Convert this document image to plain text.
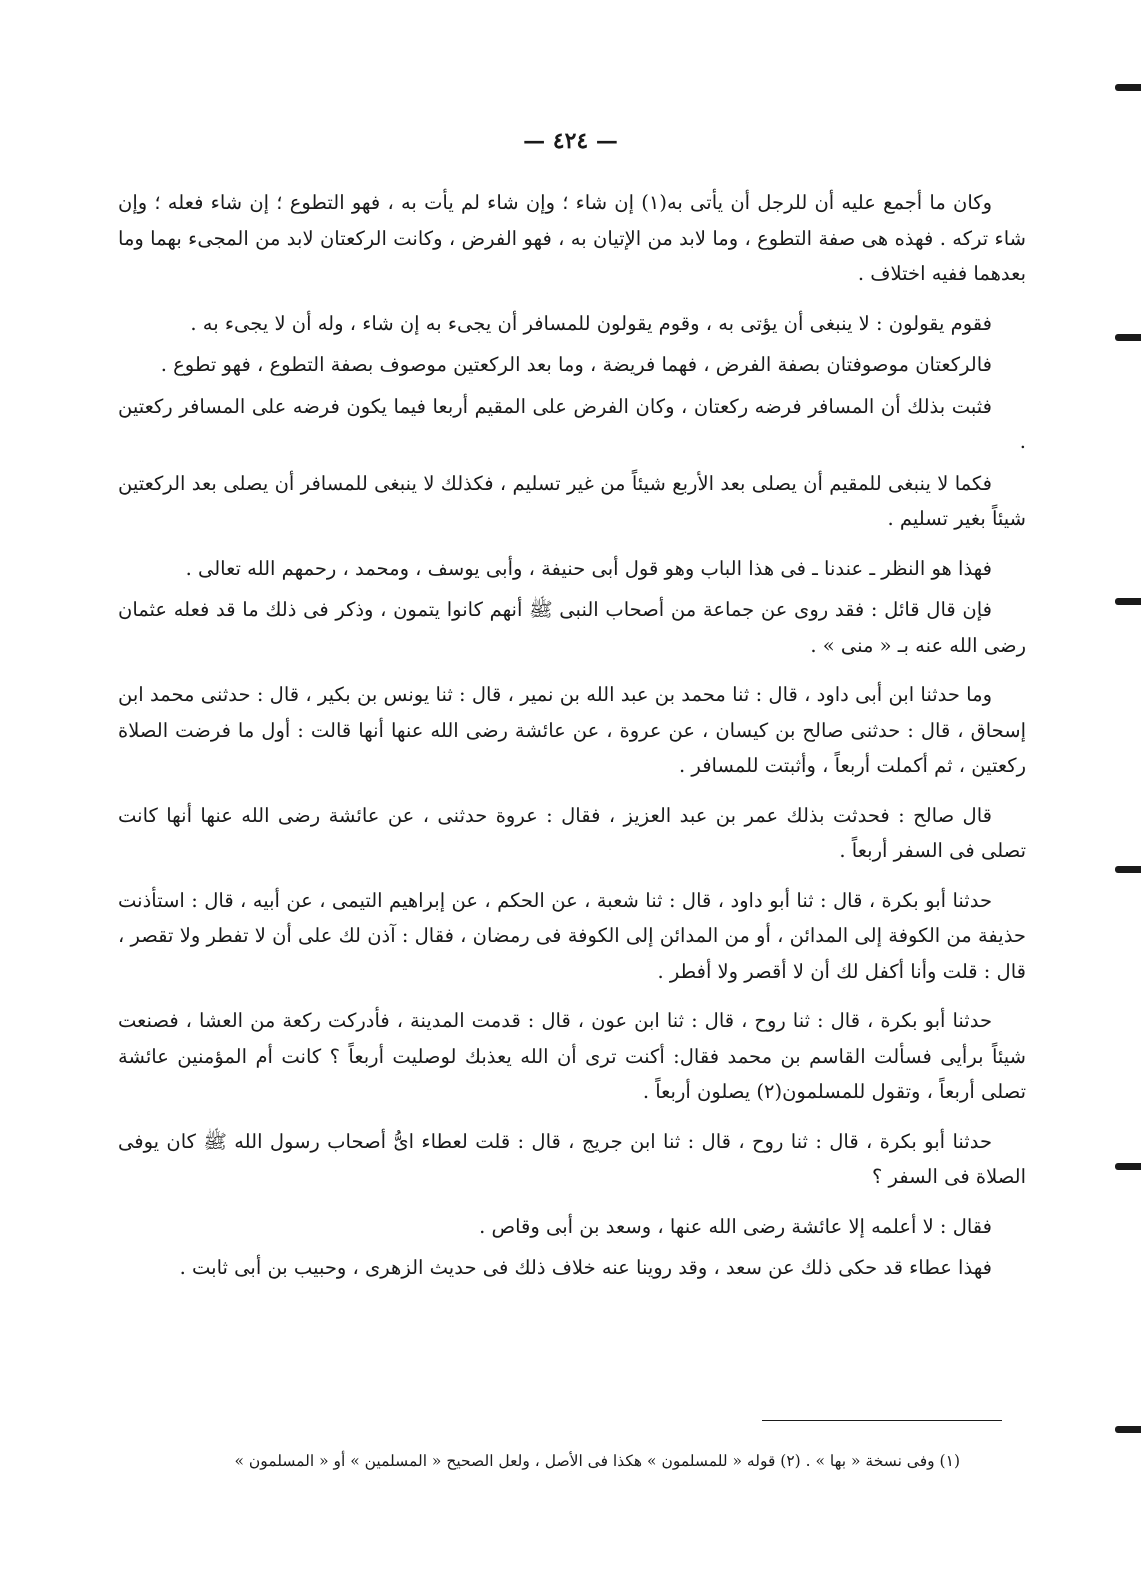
— ٤٢٤ —

وكان ما أجمع عليه أن للرجل أن يأتى به(١) إن شاء ؛ وإن شاء لم يأت به ، فهو التطوع ؛ إن شاء فعله ؛ وإن شاء تركه . فهذه هى صفة التطوع ، وما لابد من الإتيان به ، فهو الفرض ، وكانت الركعتان لابد من المجىء بهما وما بعدهما ففيه اختلاف .

فقوم يقولون : لا ينبغى أن يؤتى به ، وقوم يقولون للمسافر أن يجىء به إن شاء ، وله أن لا يجىء به .

فالركعتان موصوفتان بصفة الفرض ، فهما فريضة ، وما بعد الركعتين موصوف بصفة التطوع ، فهو تطوع .

فثبت بذلك أن المسافر فرضه ركعتان ، وكان الفرض على المقيم أربعا فيما يكون فرضه على المسافر ركعتين .

فكما لا ينبغى للمقيم أن يصلى بعد الأربع شيئاً من غير تسليم ، فكذلك لا ينبغى للمسافر أن يصلى بعد الركعتين شيئاً بغير تسليم .

فهذا هو النظر ـ عندنا ـ فى هذا الباب وهو قول أبى حنيفة ، وأبى يوسف ، ومحمد ، رحمهم الله تعالى .

فإن قال قائل : فقد روى عن جماعة من أصحاب النبى ﷺ أنهم كانوا يتمون ، وذكر فى ذلك ما قد فعله عثمان رضى الله عنه بـ « منى » .

وما حدثنا ابن أبى داود ، قال : ثنا محمد بن عبد الله بن نمير ، قال : ثنا يونس بن بكير ، قال : حدثنى محمد ابن إسحاق ، قال : حدثنى صالح بن كيسان ، عن عروة ، عن عائشة رضى الله عنها أنها قالت : أول ما فرضت الصلاة ركعتين ، ثم أكملت أربعاً ، وأثبتت للمسافر .

قال صالح : فحدثت بذلك عمر بن عبد العزيز ، فقال : عروة حدثنى ، عن عائشة رضى الله عنها أنها كانت تصلى فى السفر أربعاً .

حدثنا أبو بكرة ، قال : ثنا أبو داود ، قال : ثنا شعبة ، عن الحكم ، عن إبراهيم التيمى ، عن أبيه ، قال : استأذنت حذيفة من الكوفة إلى المدائن ، أو من المدائن إلى الكوفة فى رمضان ، فقال : آذن لك على أن لا تفطر ولا تقصر ، قال : قلت وأنا أكفل لك أن لا أقصر ولا أفطر .

حدثنا أبو بكرة ، قال : ثنا روح ، قال : ثنا ابن عون ، قال : قدمت المدينة ، فأدركت ركعة من العشا ، فصنعت شيئاً برأيى فسألت القاسم بن محمد فقال: أكنت ترى أن الله يعذبك لوصليت أربعاً ؟ كانت أم المؤمنين عائشة تصلى أربعاً ، وتقول للمسلمون(٢) يصلون أربعاً .

حدثنا أبو بكرة ، قال : ثنا روح ، قال : ثنا ابن جريج ، قال : قلت لعطاء اىُّ أصحاب رسول الله ﷺ كان يوفى الصلاة فى السفر ؟

فقال : لا أعلمه إلا عائشة رضى الله عنها ، وسعد بن أبى وقاص .

فهذا عطاء قد حكى ذلك عن سعد ، وقد روينا عنه خلاف ذلك فى حديث الزهرى ، وحبيب بن أبى ثابت .

(١) وفى نسخة « بها » . (٢) قوله « للمسلمون » هكذا فى الأصل ، ولعل الصحيح « المسلمين » أو « المسلمون »
